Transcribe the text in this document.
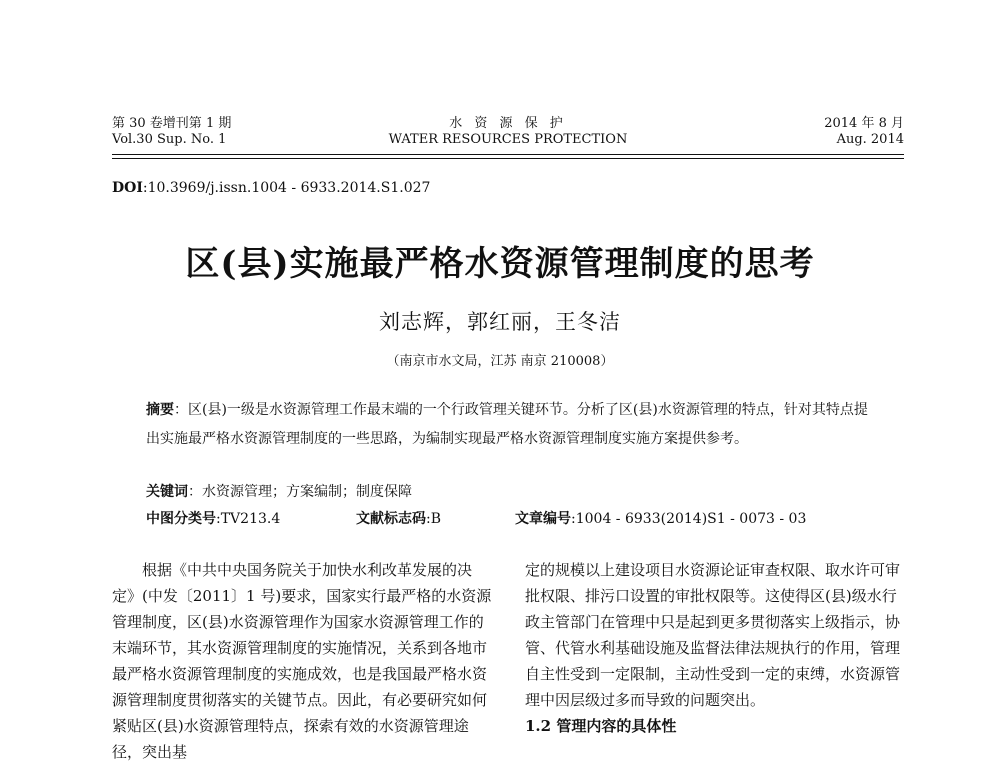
第 30 卷增刊第 1 期	水 资 源 保 护	2014 年 8 月
Vol.30 Sup. No. 1	WATER RESOURCES PROTECTION	Aug. 2014
DOI:10.3969/j.issn.1004 - 6933.2014.S1.027
区(县)实施最严格水资源管理制度的思考
刘志辉，郭红丽，王冬洁
（南京市水文局，江苏 南京 210008）
摘要：区(县)一级是水资源管理工作最末端的一个行政管理关键环节。分析了区(县)水资源管理的特点，针对其特点提出实施最严格水资源管理制度的一些思路，为编制实现最严格水资源管理制度实施方案提供参考。
关键词：水资源管理；方案编制；制度保障
中图分类号:TV213.4	文献标志码:B	文章编号:1004 - 6933(2014)S1 - 0073 - 03

根据《中共中央国务院关于加快水利改革发展的决定》(中发〔2011〕1 号)要求，国家实行最严格的水资源管理制度，区(县)水资源管理作为国家水资源管理工作的末端环节，其水资源管理制度的实施情况，关系到各地市最严格水资源管理制度的实施成效，也是我国最严格水资源管理制度贯彻落实的关键节点。因此，有必要研究如何紧贴区(县)水资源管理特点，探索有效的水资源管理途径，突出基

定的规模以上建设项目水资源论证审查权限、取水许可审批权限、排污口设置的审批权限等。这使得区(县)级水行政主管部门在管理中只是起到更多贯彻落实上级指示，协管、代管水利基础设施及监督法律法规执行的作用，管理自主性受到一定限制，主动性受到一定的束缚，水资源管理中因层级过多而导致的问题突出。

1.2 管理内容的具体性
